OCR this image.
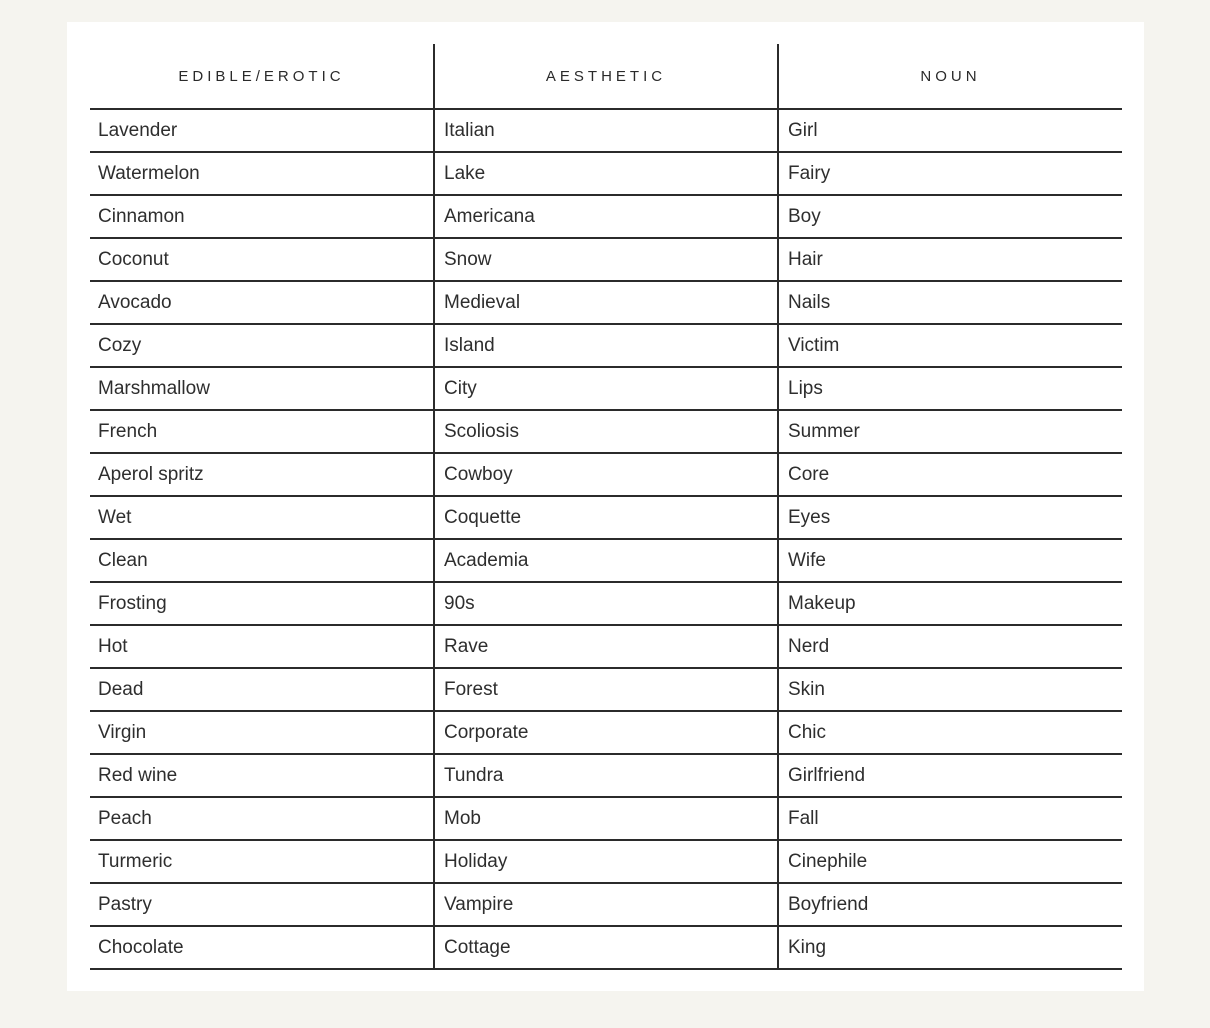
EDIBLE/EROTIC	AESTHETIC	NOUN
Lavender	Italian	Girl
Watermelon	Lake	Fairy
Cinnamon	Americana	Boy
Coconut	Snow	Hair
Avocado	Medieval	Nails
Cozy	Island	Victim
Marshmallow	City	Lips
French	Scoliosis	Summer
Aperol spritz	Cowboy	Core
Wet	Coquette	Eyes
Clean	Academia	Wife
Frosting	90s	Makeup
Hot	Rave	Nerd
Dead	Forest	Skin
Virgin	Corporate	Chic
Red wine	Tundra	Girlfriend
Peach	Mob	Fall
Turmeric	Holiday	Cinephile
Pastry	Vampire	Boyfriend
Chocolate	Cottage	King
